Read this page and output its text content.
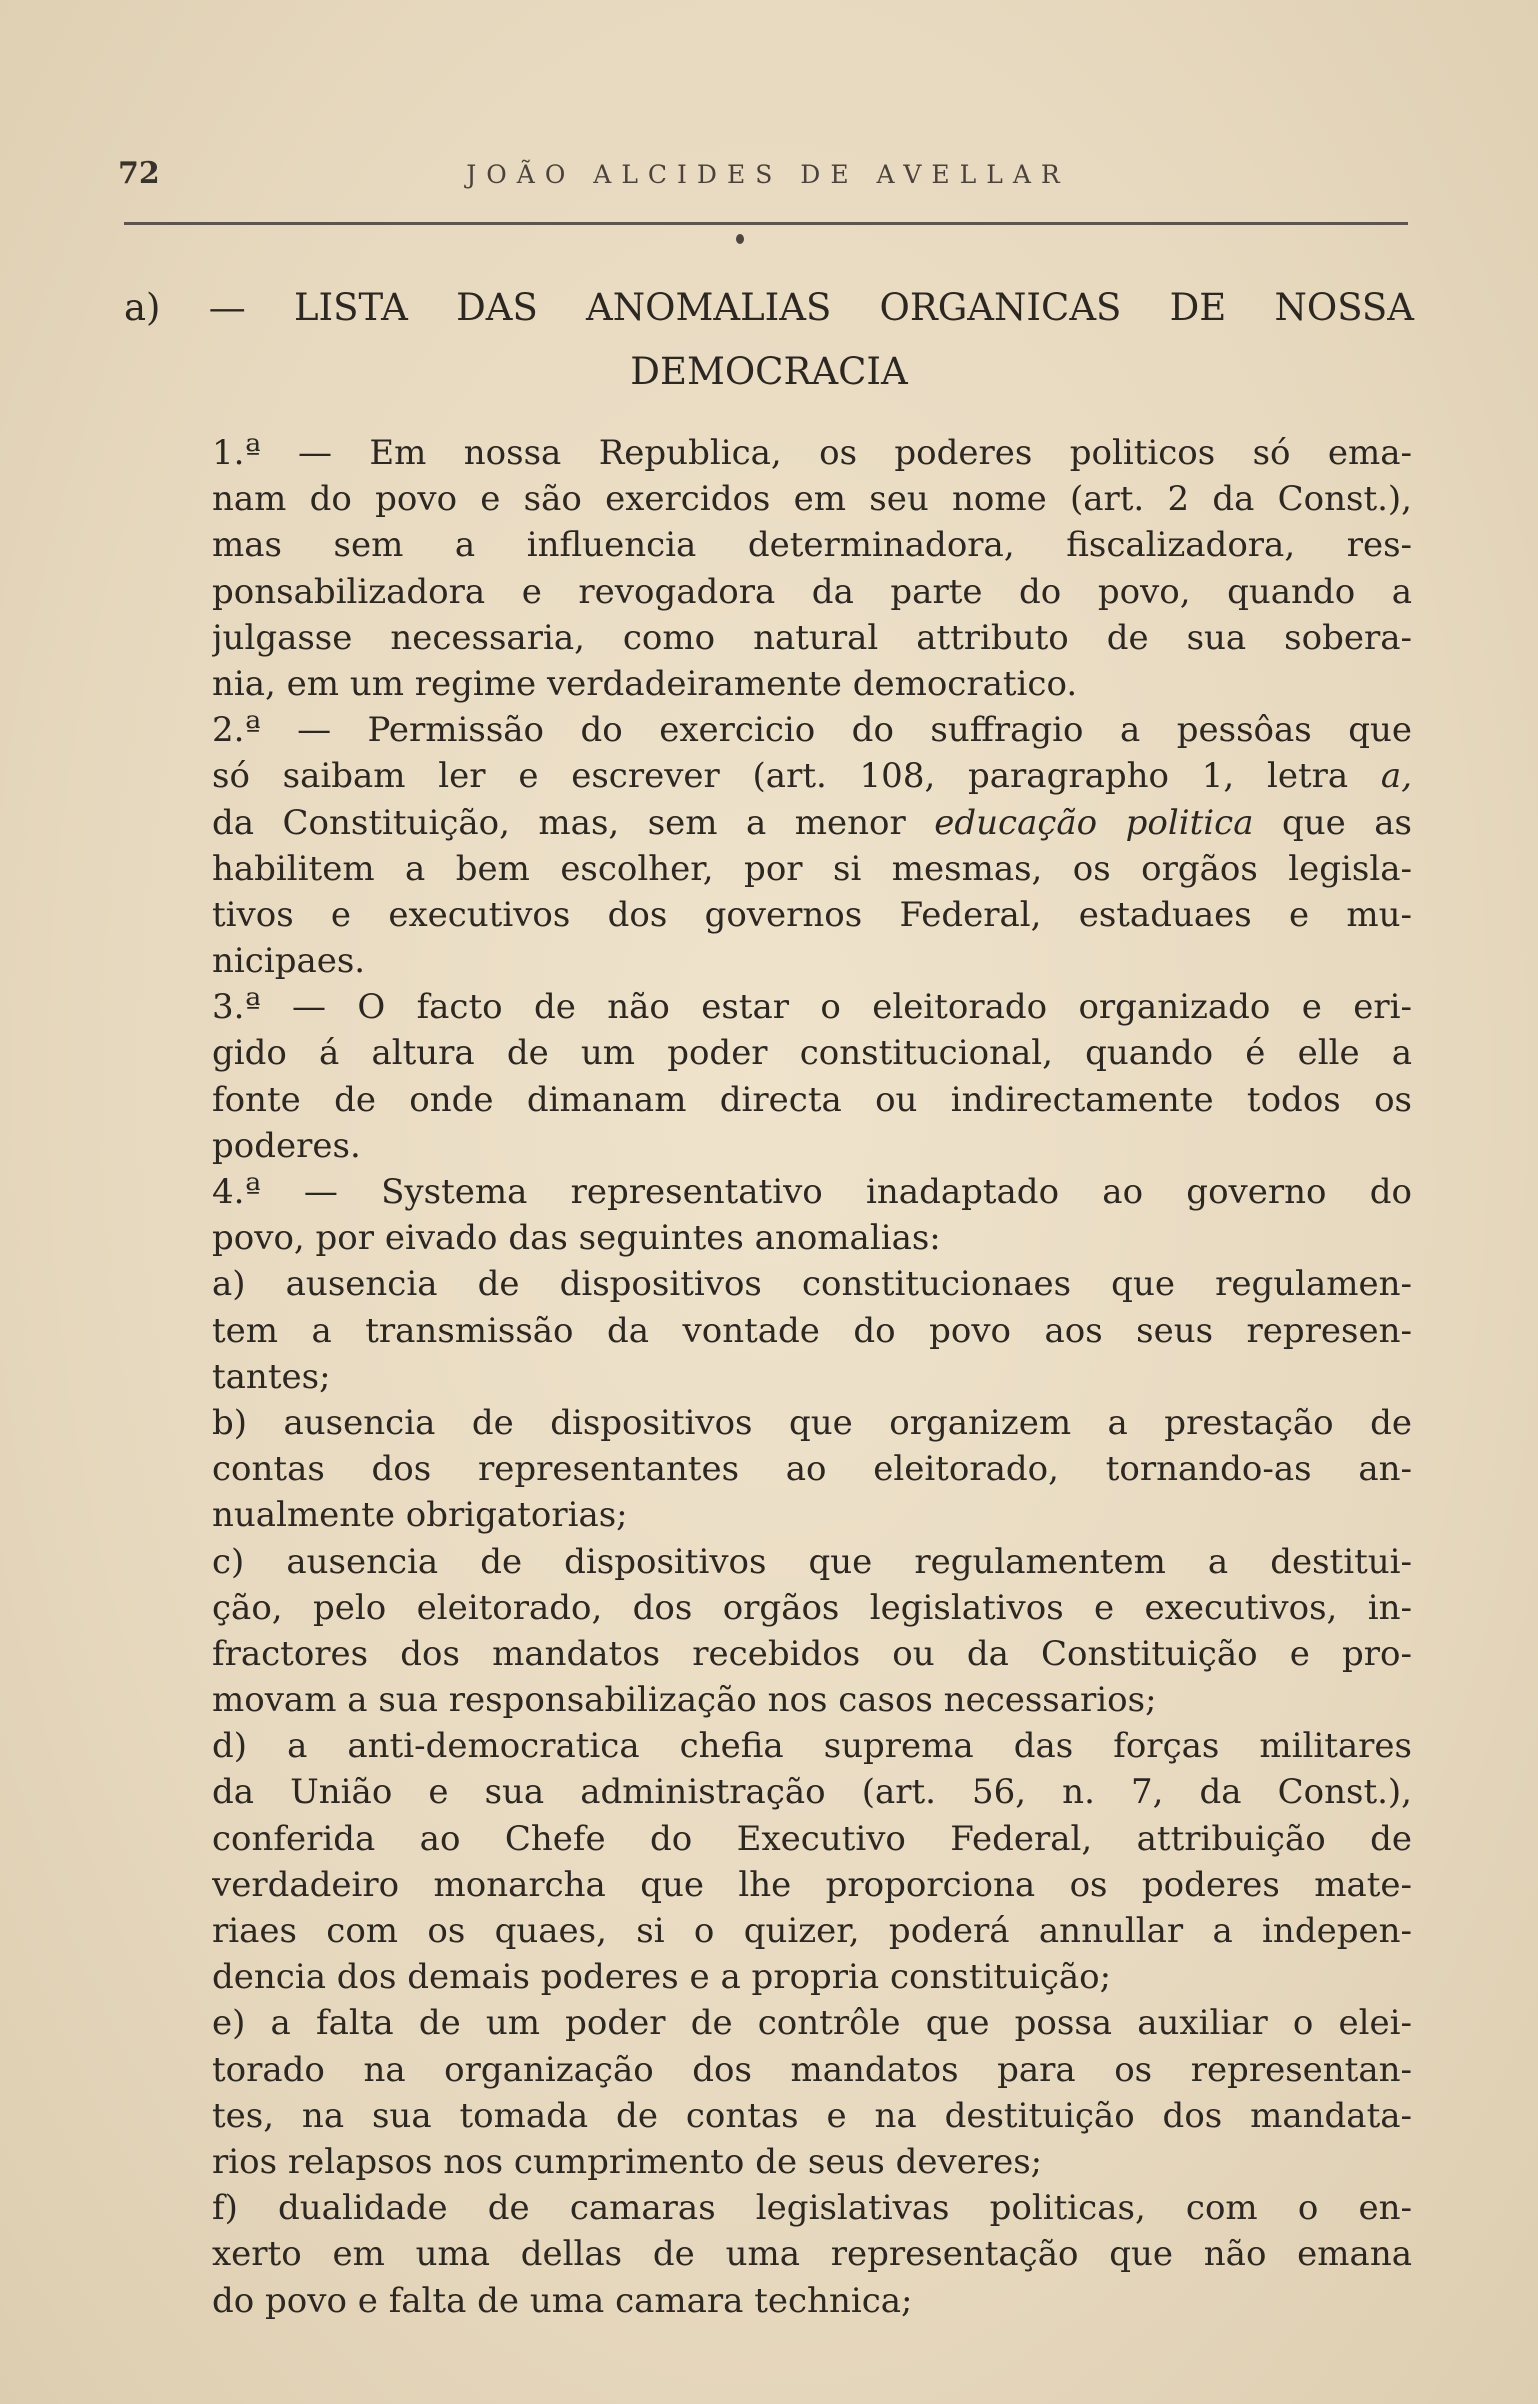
72	JOÃO ALCIDES DE AVELLAR
a) — LISTA DAS ANOMALIAS ORGANICAS DE NOSSA
DEMOCRACIA
1.ª — Em nossa Republica, os poderes politicos só ema-
nam do povo e são exercidos em seu nome (art. 2 da Const.),
mas sem a influencia determinadora, fiscalizadora, res-
ponsabilizadora e revogadora da parte do povo, quando a
julgasse necessaria, como natural attributo de sua sobera-
nia, em um regime verdadeiramente democratico.
2.ª — Permissão do exercicio do suffragio a pessôas que
só saibam ler e escrever (art. 108, paragrapho 1, letra a,
da Constituição, mas, sem a menor educação politica que as
habilitem a bem escolher, por si mesmas, os orgãos legisla-
tivos e executivos dos governos Federal, estaduaes e mu-
nicipaes.
3.ª — O facto de não estar o eleitorado organizado e eri-
gido á altura de um poder constitucional, quando é elle a
fonte de onde dimanam directa ou indirectamente todos os
poderes.
4.ª — Systema representativo inadaptado ao governo do
povo, por eivado das seguintes anomalias:
a) ausencia de dispositivos constitucionaes que regulamen-
tem a transmissão da vontade do povo aos seus represen-
tantes;
b) ausencia de dispositivos que organizem a prestação de
contas dos representantes ao eleitorado, tornando-as an-
nualmente obrigatorias;
c) ausencia de dispositivos que regulamentem a destitui-
ção, pelo eleitorado, dos orgãos legislativos e executivos, in-
fractores dos mandatos recebidos ou da Constituição e pro-
movam a sua responsabilização nos casos necessarios;
d) a anti-democratica chefia suprema das forças militares
da União e sua administração (art. 56, n. 7, da Const.),
conferida ao Chefe do Executivo Federal, attribuição de
verdadeiro monarcha que lhe proporciona os poderes mate-
riaes com os quaes, si o quizer, poderá annullar a indepen-
dencia dos demais poderes e a propria constituição;
e) a falta de um poder de contrôle que possa auxiliar o elei-
torado na organização dos mandatos para os representan-
tes, na sua tomada de contas e na destituição dos mandata-
rios relapsos nos cumprimento de seus deveres;
f) dualidade de camaras legislativas politicas, com o en-
xerto em uma dellas de uma representação que não emana
do povo e falta de uma camara technica;
